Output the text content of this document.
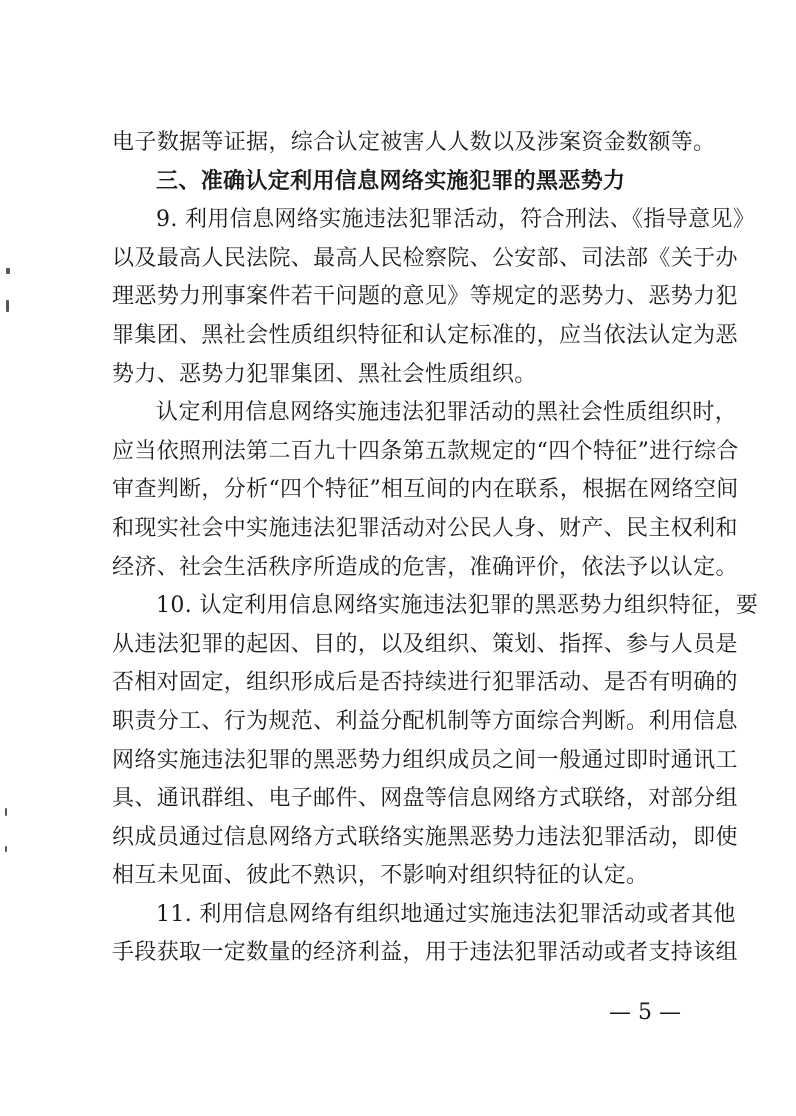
电子数据等证据，综合认定被害人人数以及涉案资金数额等。
三、准确认定利用信息网络实施犯罪的黑恶势力
9. 利用信息网络实施违法犯罪活动，符合刑法、《指导意见》
以及最高人民法院、最高人民检察院、公安部、司法部《关于办
理恶势力刑事案件若干问题的意见》等规定的恶势力、恶势力犯
罪集团、黑社会性质组织特征和认定标准的，应当依法认定为恶
势力、恶势力犯罪集团、黑社会性质组织。
认定利用信息网络实施违法犯罪活动的黑社会性质组织时，
应当依照刑法第二百九十四条第五款规定的“四个特征”进行综合
审查判断，分析“四个特征”相互间的内在联系，根据在网络空间
和现实社会中实施违法犯罪活动对公民人身、财产、民主权利和
经济、社会生活秩序所造成的危害，准确评价，依法予以认定。
10. 认定利用信息网络实施违法犯罪的黑恶势力组织特征，要
从违法犯罪的起因、目的，以及组织、策划、指挥、参与人员是
否相对固定，组织形成后是否持续进行犯罪活动、是否有明确的
职责分工、行为规范、利益分配机制等方面综合判断。利用信息
网络实施违法犯罪的黑恶势力组织成员之间一般通过即时通讯工
具、通讯群组、电子邮件、网盘等信息网络方式联络，对部分组
织成员通过信息网络方式联络实施黑恶势力违法犯罪活动，即使
相互未见面、彼此不熟识，不影响对组织特征的认定。
11. 利用信息网络有组织地通过实施违法犯罪活动或者其他
手段获取一定数量的经济利益，用于违法犯罪活动或者支持该组
— 5 —
